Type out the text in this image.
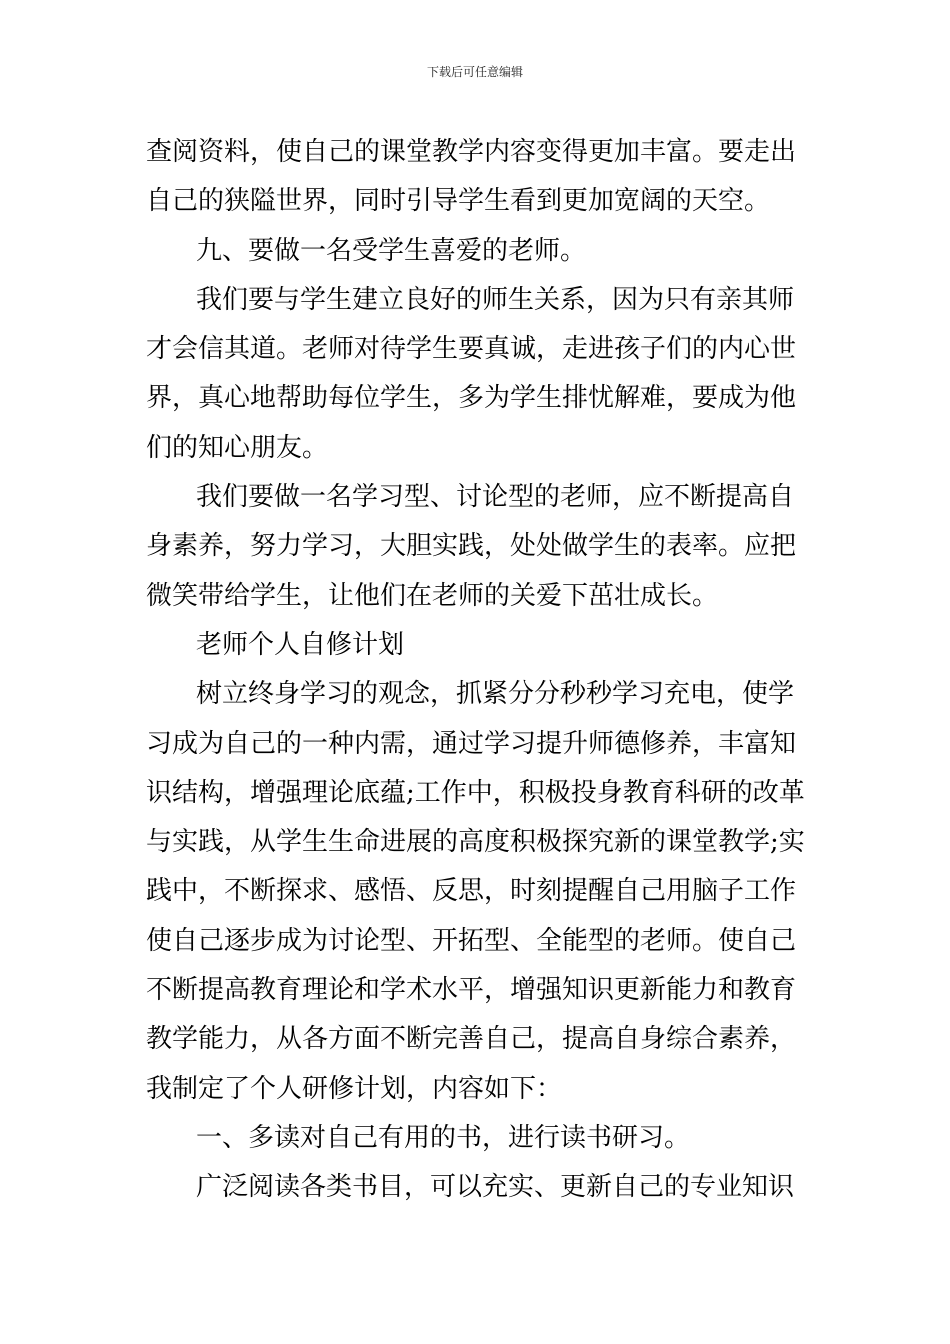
下载后可任意编辑
查阅资料，使自己的课堂教学内容变得更加丰富。要走出
自己的狭隘世界，同时引导学生看到更加宽阔的天空。
九、要做一名受学生喜爱的老师。
我们要与学生建立良好的师生关系，因为只有亲其师
才会信其道。老师对待学生要真诚，走进孩子们的内心世
界，真心地帮助每位学生，多为学生排忧解难，要成为他
们的知心朋友。
我们要做一名学习型、讨论型的老师，应不断提高自
身素养，努力学习，大胆实践，处处做学生的表率。应把
微笑带给学生，让他们在老师的关爱下茁壮成长。
老师个人自修计划
树立终身学习的观念，抓紧分分秒秒学习充电，使学
习成为自己的一种内需，通过学习提升师德修养，丰富知
识结构，增强理论底蕴;工作中，积极投身教育科研的改革
与实践，从学生生命进展的高度积极探究新的课堂教学;实
践中，不断探求、感悟、反思，时刻提醒自己用脑子工作
使自己逐步成为讨论型、开拓型、全能型的老师。使自己
不断提高教育理论和学术水平，增强知识更新能力和教育
教学能力，从各方面不断完善自己，提高自身综合素养，
我制定了个人研修计划，内容如下：
一、多读对自己有用的书，进行读书研习。
广泛阅读各类书目，可以充实、更新自己的专业知识
